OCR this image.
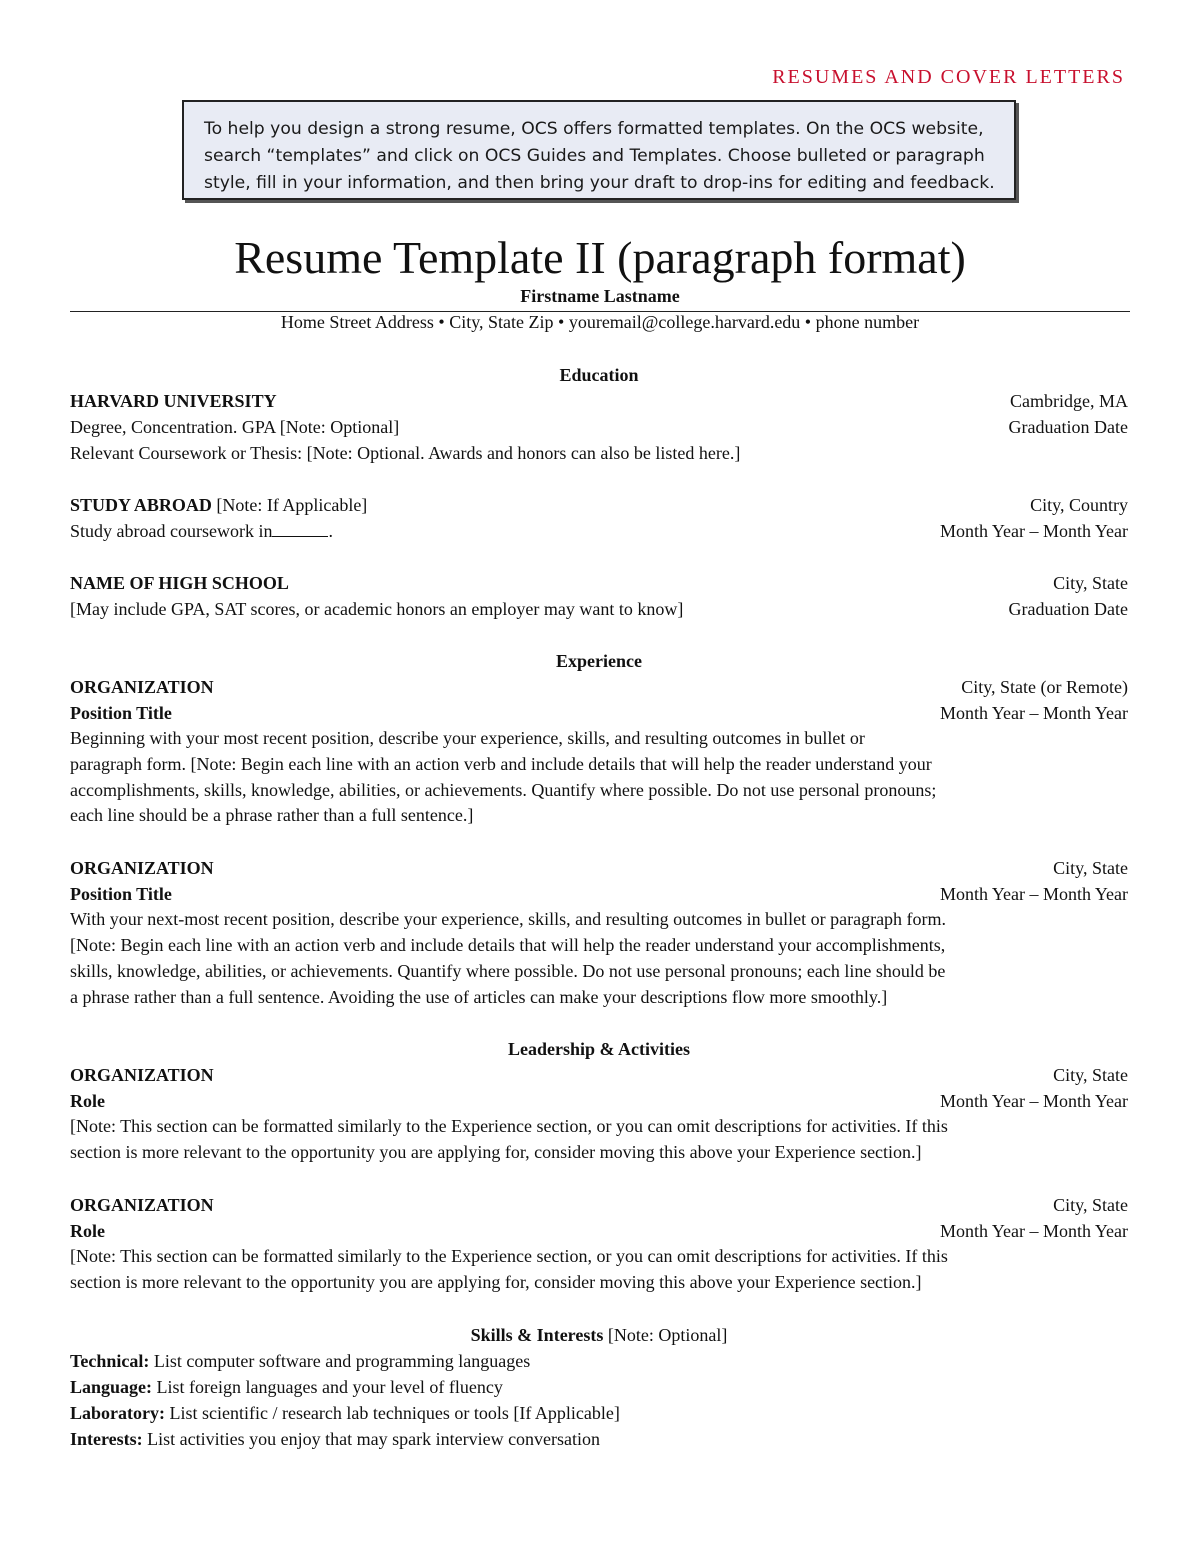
RESUMES AND COVER LETTERS
To help you design a strong resume, OCS offers formatted templates. On the OCS website,
search “templates” and click on OCS Guides and Templates. Choose bulleted or paragraph
style, fill in your information, and then bring your draft to drop-ins for editing and feedback.
Resume Template II (paragraph format)
Firstname Lastname
Home Street Address • City, State Zip • youremail@college.harvard.edu • phone number
Education
HARVARD UNIVERSITY	Cambridge, MA
Degree, Concentration. GPA [Note: Optional]	Graduation Date
Relevant Coursework or Thesis: [Note: Optional. Awards and honors can also be listed here.]
STUDY ABROAD [Note: If Applicable]	City, Country
Study abroad coursework in	.	Month Year – Month Year
NAME OF HIGH SCHOOL	City, State
[May include GPA, SAT scores, or academic honors an employer may want to know]	Graduation Date
Experience
ORGANIZATION	City, State (or Remote)
Position Title	Month Year – Month Year
Beginning with your most recent position, describe your experience, skills, and resulting outcomes in bullet or
paragraph form. [Note: Begin each line with an action verb and include details that will help the reader understand your
accomplishments, skills, knowledge, abilities, or achievements. Quantify where possible. Do not use personal pronouns;
each line should be a phrase rather than a full sentence.]
ORGANIZATION	City, State
Position Title	Month Year – Month Year
With your next-most recent position, describe your experience, skills, and resulting outcomes in bullet or paragraph form.
[Note: Begin each line with an action verb and include details that will help the reader understand your accomplishments,
skills, knowledge, abilities, or achievements. Quantify where possible. Do not use personal pronouns; each line should be
a phrase rather than a full sentence. Avoiding the use of articles can make your descriptions flow more smoothly.]
Leadership & Activities
ORGANIZATION	City, State
Role	Month Year – Month Year
[Note: This section can be formatted similarly to the Experience section, or you can omit descriptions for activities. If this
section is more relevant to the opportunity you are applying for, consider moving this above your Experience section.]
ORGANIZATION	City, State
Role	Month Year – Month Year
[Note: This section can be formatted similarly to the Experience section, or you can omit descriptions for activities. If this
section is more relevant to the opportunity you are applying for, consider moving this above your Experience section.]
Skills & Interests [Note: Optional]
Technical: List computer software and programming languages
Language: List foreign languages and your level of fluency
Laboratory: List scientific / research lab techniques or tools [If Applicable]
Interests: List activities you enjoy that may spark interview conversation
